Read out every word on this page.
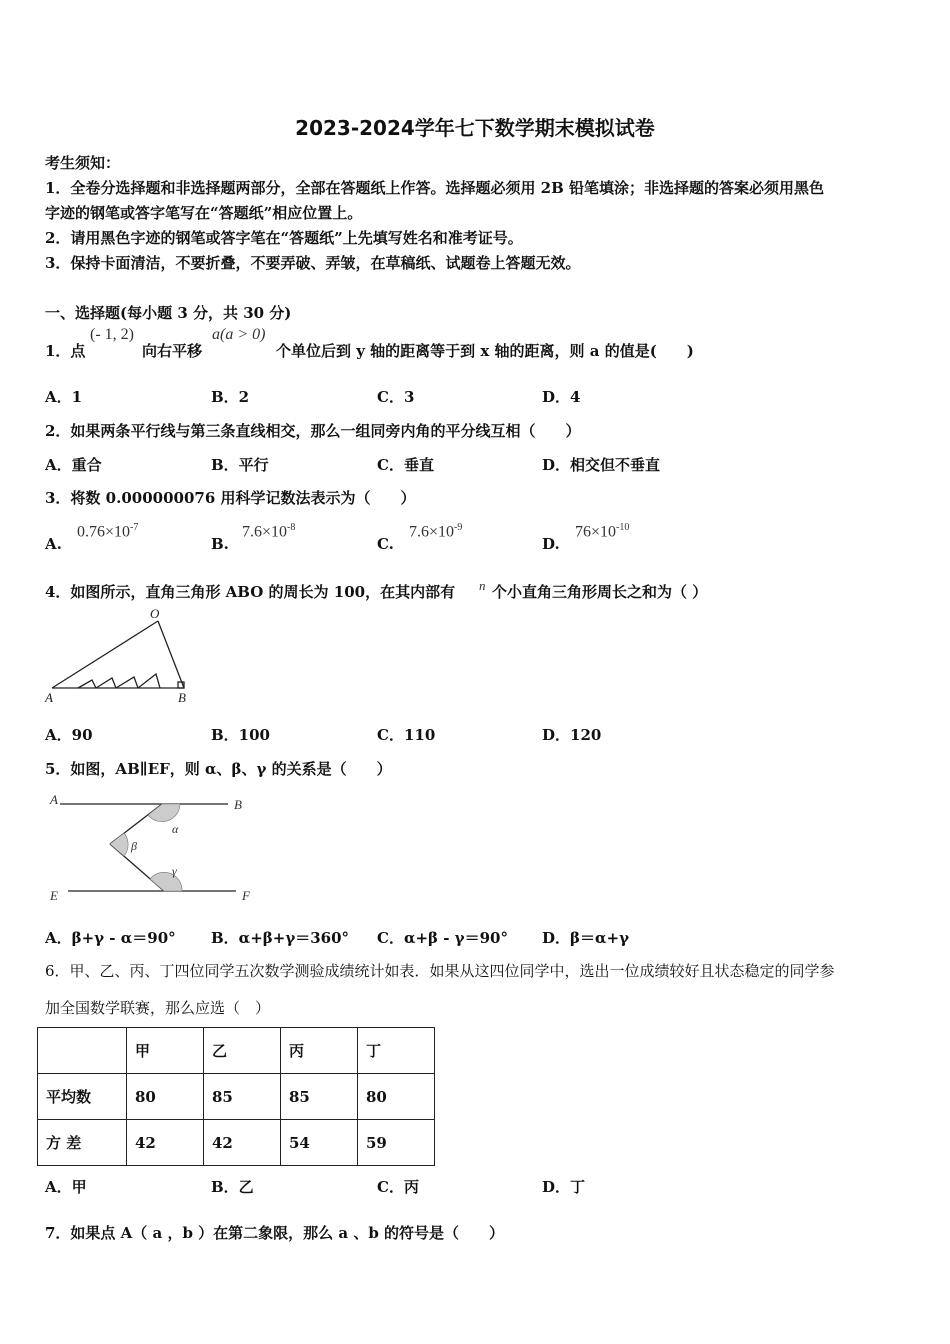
2023-2024学年七下数学期末模拟试卷
考生须知：
1．全卷分选择题和非选择题两部分，全部在答题纸上作答。选择题必须用 2B 铅笔填涂；非选择题的答案必须用黑色
字迹的钢笔或答字笔写在“答题纸”相应位置上。
2．请用黑色字迹的钢笔或答字笔在“答题纸”上先填写姓名和准考证号。
3．保持卡面清洁，不要折叠，不要弄破、弄皱，在草稿纸、试题卷上答题无效。
一、选择题(每小题 3 分，共 30 分)
1．点
(- 1, 2)
向右平移
a(a > 0)
个单位后到 y 轴的距离等于到 x 轴的距离，则 a 的值是(　　)
A．1	B．2	C．3	D．4
2．如果两条平行线与第三条直线相交，那么一组同旁内角的平分线互相（　　）
A．重合	B．平行	C．垂直	D．相交但不垂直
3．将数 0.000000076 用科学记数法表示为（　　）
A.
$0.76\times 10^{-7}$
B.
$7.6\times 10^{-8}$
C.
$7.6\times 10^{-9}$
D.
$76\times 10^{-10}$
4．如图所示，直角三角形 ABO 的周长为 100，在其内部有 n 个小直角三角形周长之和为（ ）
O
A	B
A．90	B．100	C．110	D．120
5．如图，AB∥EF，则 α、β、γ 的关系是（　　）
A	B
E	F
α
β
γ
A．β+γ - α＝90° B．α+β+γ＝360° C．α+β - γ＝90° D．β＝α+γ
6．甲、乙、丙、丁四位同学五次数学测验成绩统计如表．如果从这四位同学中，选出一位成绩较好且状态稳定的同学参
加全国数学联赛，那么应选（　）
	甲	乙	丙	丁
平均数	80	85	85	80
方 差	42	42	54	59
A．甲	B．乙	C．丙	D．丁
7．如果点 A（ a ，b ）在第二象限，那么 a 、b 的符号是（　　）
